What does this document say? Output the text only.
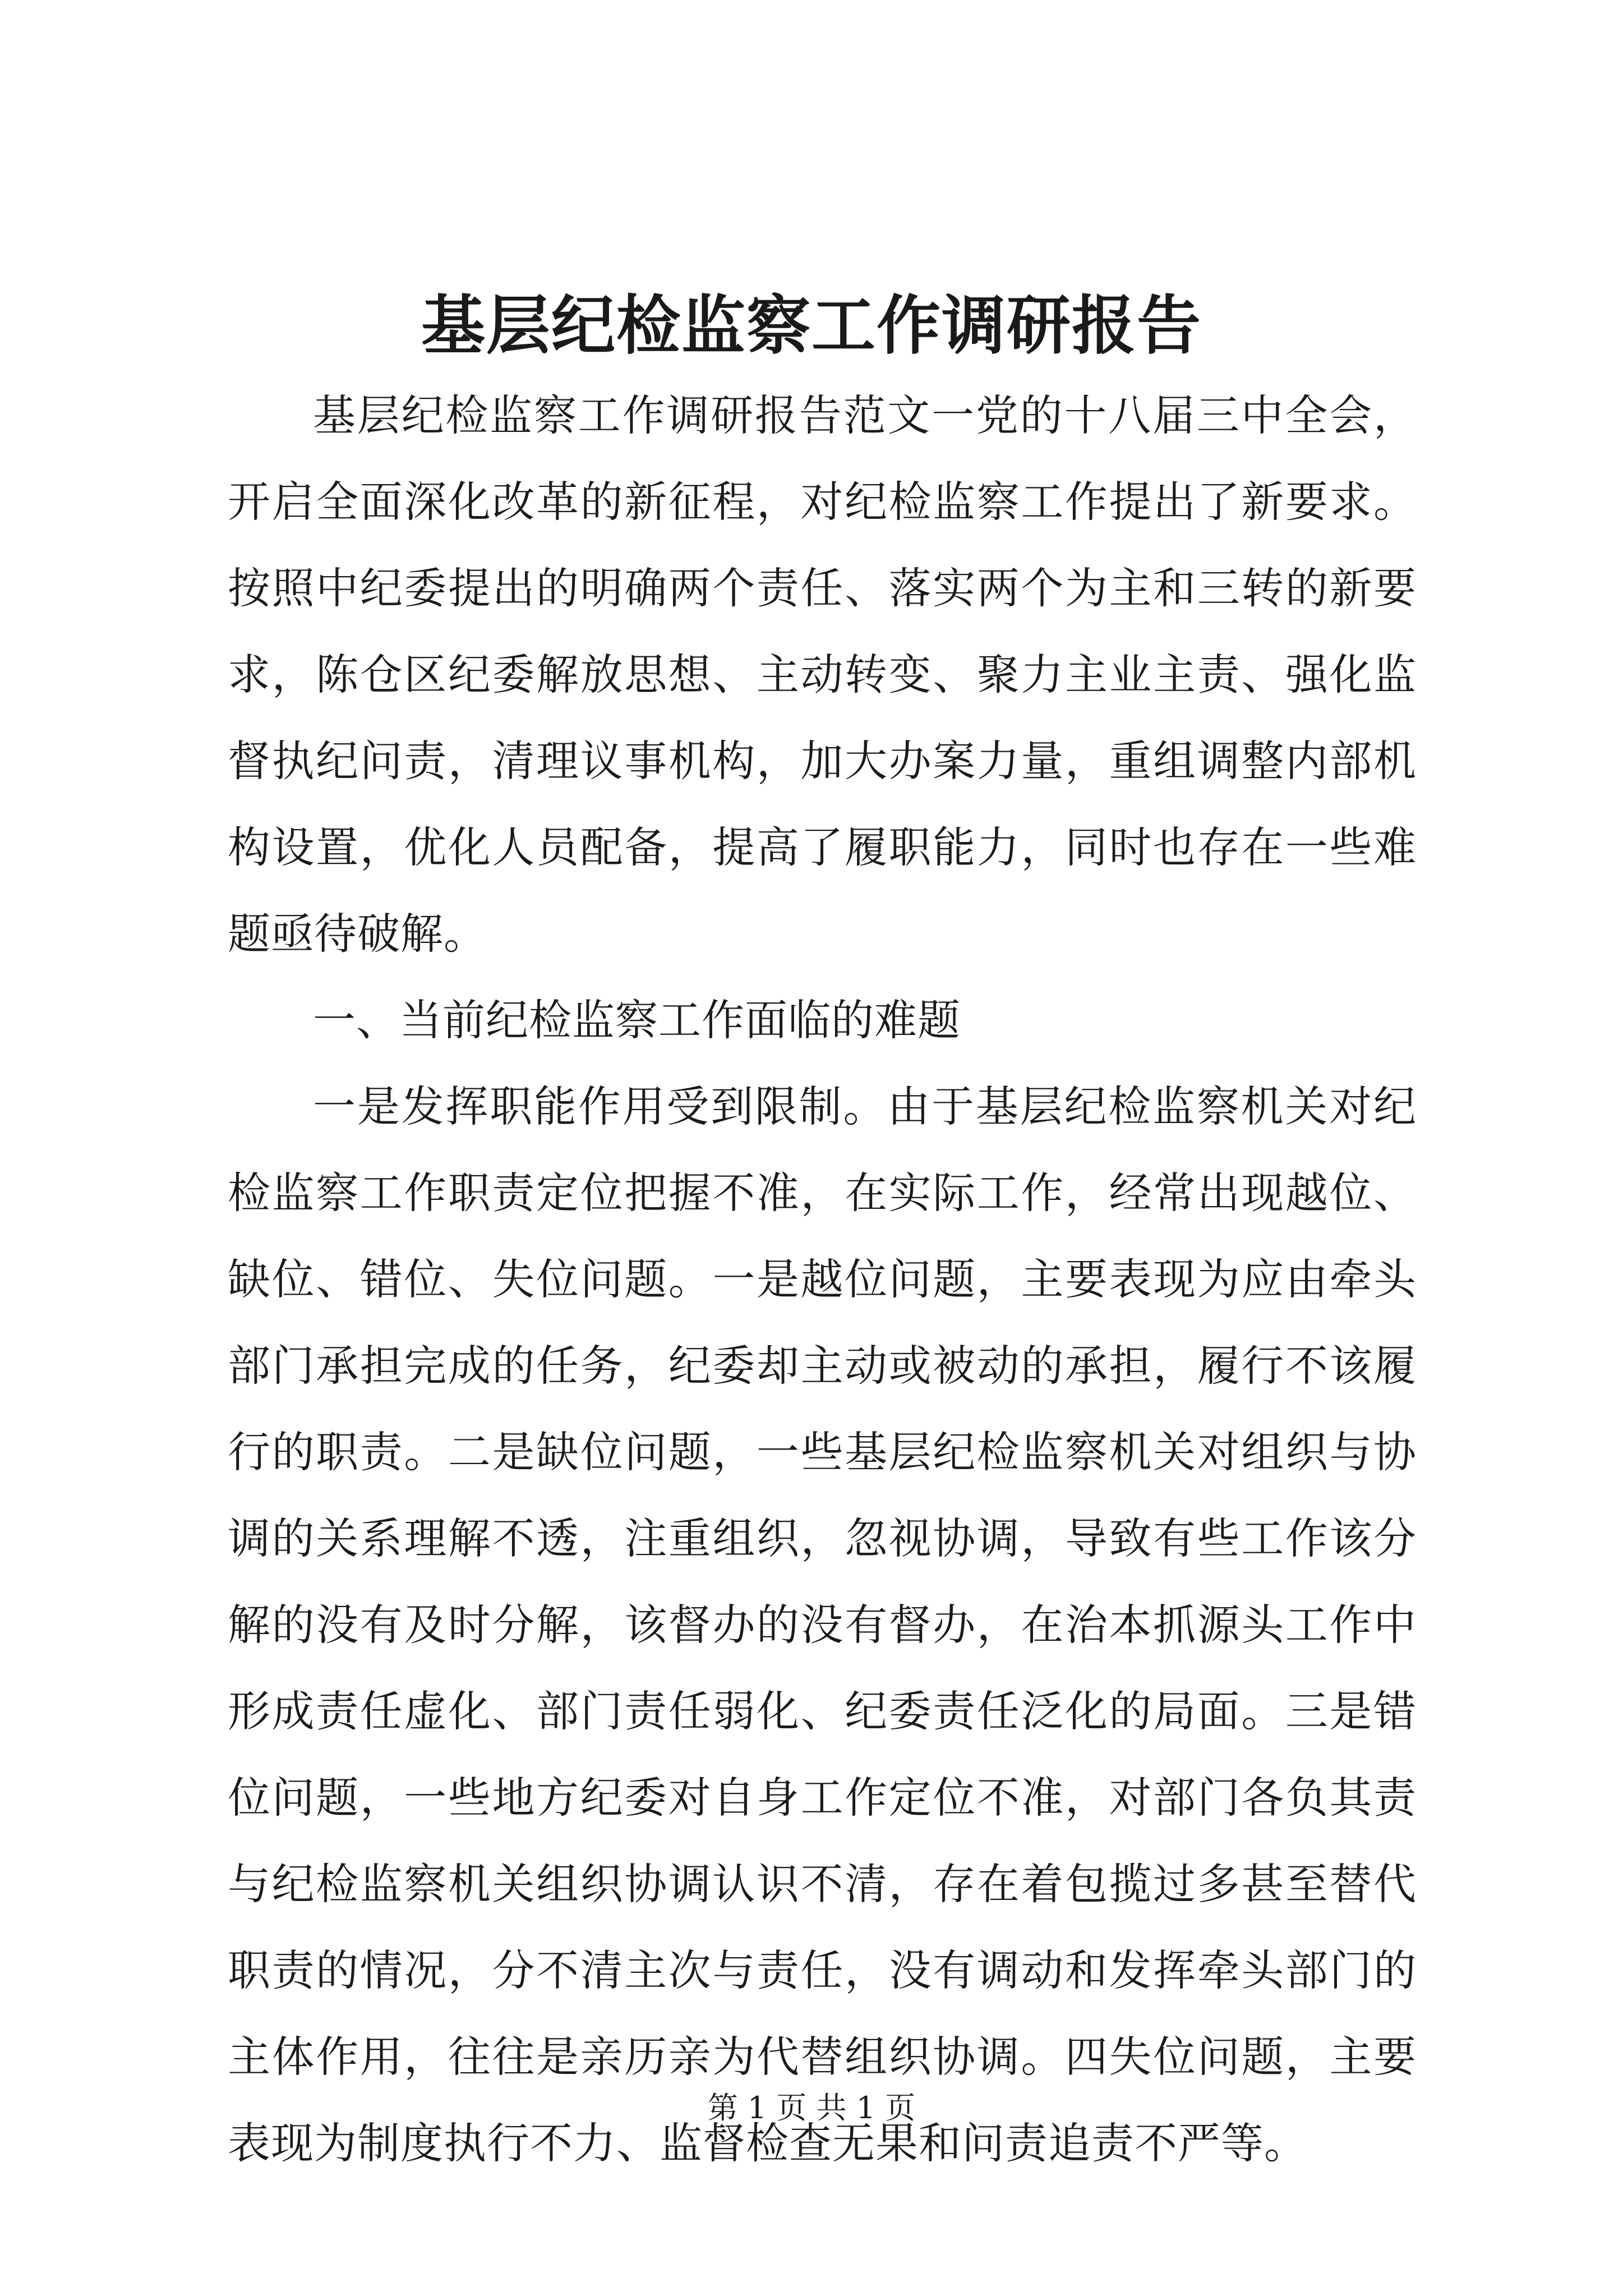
基层纪检监察工作调研报告

基层纪检监察工作调研报告范文一党的十八届三中全会，开启全面深化改革的新征程，对纪检监察工作提出了新要求。按照中纪委提出的明确两个责任、落实两个为主和三转的新要求，陈仓区纪委解放思想、主动转变、聚力主业主责、强化监督执纪问责，清理议事机构，加大办案力量，重组调整内部机构设置，优化人员配备，提高了履职能力，同时也存在一些难题亟待破解。

一、当前纪检监察工作面临的难题

一是发挥职能作用受到限制。由于基层纪检监察机关对纪检监察工作职责定位把握不准，在实际工作，经常出现越位、缺位、错位、失位问题。一是越位问题，主要表现为应由牵头部门承担完成的任务，纪委却主动或被动的承担，履行不该履行的职责。二是缺位问题，一些基层纪检监察机关对组织与协调的关系理解不透，注重组织，忽视协调，导致有些工作该分解的没有及时分解，该督办的没有督办，在治本抓源头工作中形成责任虚化、部门责任弱化、纪委责任泛化的局面。三是错位问题，一些地方纪委对自身工作定位不准，对部门各负其责与纪检监察机关组织协调认识不清，存在着包揽过多甚至替代职责的情况，分不清主次与责任，没有调动和发挥牵头部门的主体作用，往往是亲历亲为代替组织协调。四失位问题，主要表现为制度执行不力、监督检查无果和问责追责不严等。

第 1 页 共 1 页
